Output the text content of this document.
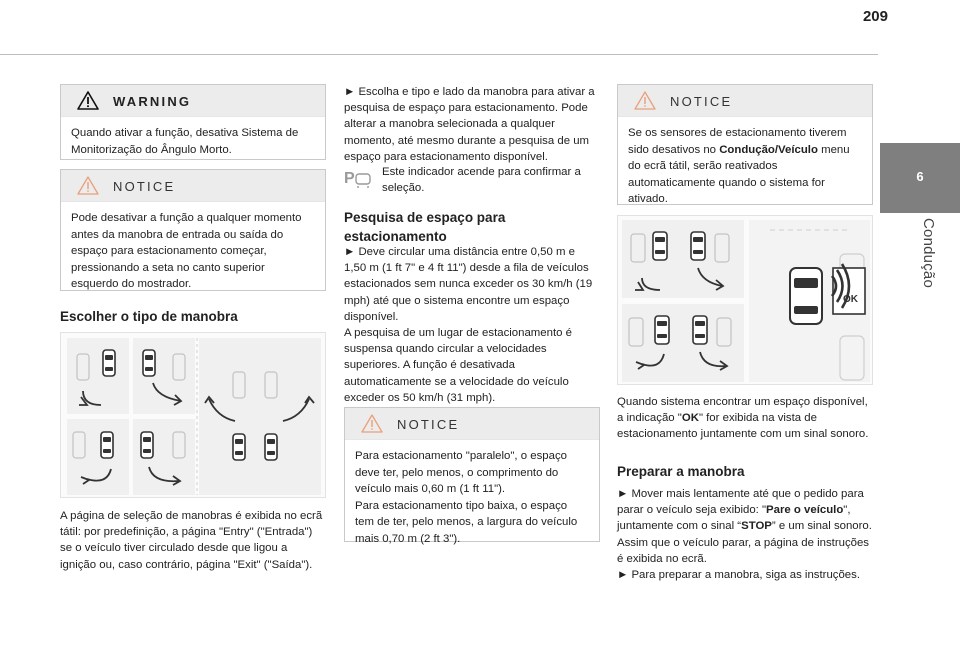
209
6
Condução
WARNING
Quando ativar a função, desativa Sistema de Monitorização do Ângulo Morto.
NOTICE
Pode desativar a função a qualquer momento antes da manobra de entrada ou saída do espaço para estacionamento começar, pressionando a seta no canto superior esquerdo do mostrador.
Escolher o tipo de manobra
A página de seleção de manobras é exibida no ecrã tátil: por predefinição, a página "Entry" ("Entrada") se o veículo tiver circulado desde que ligou a ignição ou, caso contrário, página "Exit" ("Saída").
► Escolha e tipo e lado da manobra para ativar a pesquisa de espaço para estacionamento. Pode alterar a manobra selecionada a qualquer momento, até mesmo durante a pesquisa de um espaço para estacionamento disponível.
P Este indicador acende para confirmar a seleção.
Pesquisa de espaço para estacionamento
► Deve circular uma distância entre 0,50 m e 1,50 m (1 ft 7" e 4 ft 11") desde a fila de veículos estacionados sem nunca exceder os 30 km/h (19 mph) até que o sistema encontre um espaço disponível.
A pesquisa de um lugar de estacionamento é suspensa quando circular a velocidades superiores. A função é desativada automaticamente se a velocidade do veículo exceder os 50 km/h (31 mph).
NOTICE
Para estacionamento "paralelo", o espaço deve ter, pelo menos, o comprimento do veículo mais 0,60 m (1 ft 11").
Para estacionamento tipo baixa, o espaço tem de ter, pelo menos, a largura do veículo mais 0,70 m (2 ft 3").
NOTICE
Se os sensores de estacionamento tiverem sido desativos no Condução/Veículo menu do ecrã tátil, serão reativados automaticamente quando o sistema for ativado.
OK
Quando sistema encontrar um espaço disponível, a indicação "OK" for exibida na vista de estacionamento juntamente com um sinal sonoro.
Preparar a manobra
► Mover mais lentamente até que o pedido para parar o veículo seja exibido: "Pare o veículo", juntamente com o sinal “STOP” e um sinal sonoro.
Assim que o veículo parar, a página de instruções é exibida no ecrã.
► Para preparar a manobra, siga as instruções.
